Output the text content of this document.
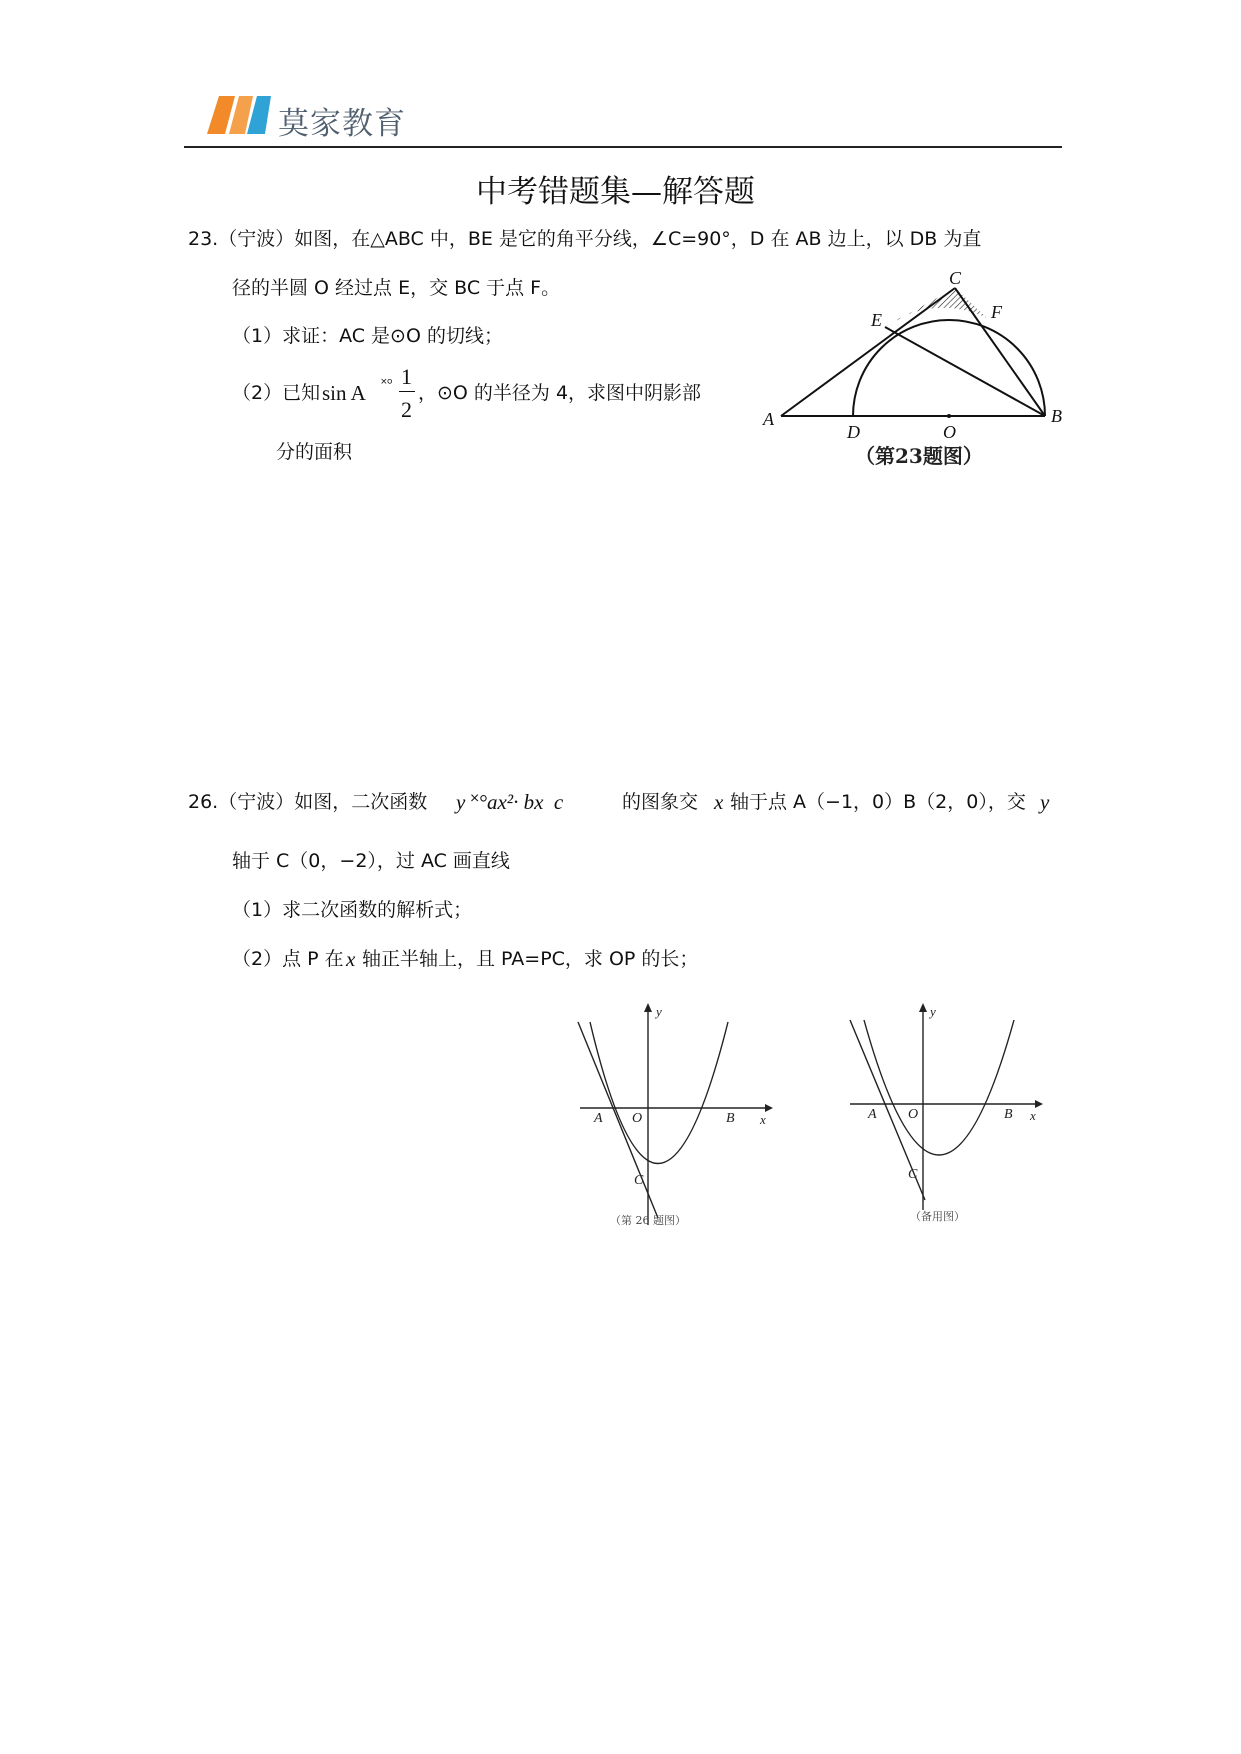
莫家教育
中考错题集—解答题
23.（宁波）如图，在△ABC 中，BE 是它的角平分线，∠C=90°，D 在 AB 边上，以 DB 为直
径的半圆 O 经过点 E，交 BC 于点 F。
（1）求证：AC 是⊙O 的切线；
（2）已知 sin A ˟° 1
2
，⊙O 的半径为 4，求图中阴影部
分的面积
C
E	F
A	B
D	O
（第23题图）
26.（宁波）如图，二次函数 y ˟°ax²· bx  c	的图象交 x 轴于点 A（−1，0）B（2，0），交 y
轴于 C（0，−2），过 AC 画直线
（1）求二次函数的解析式；
（2）点 P 在 x 轴正半轴上，且 PA=PC，求 OP 的长；
y
x
A O	B
C
（第 26 题图）
y
x
A O	B
C
（备用图）
